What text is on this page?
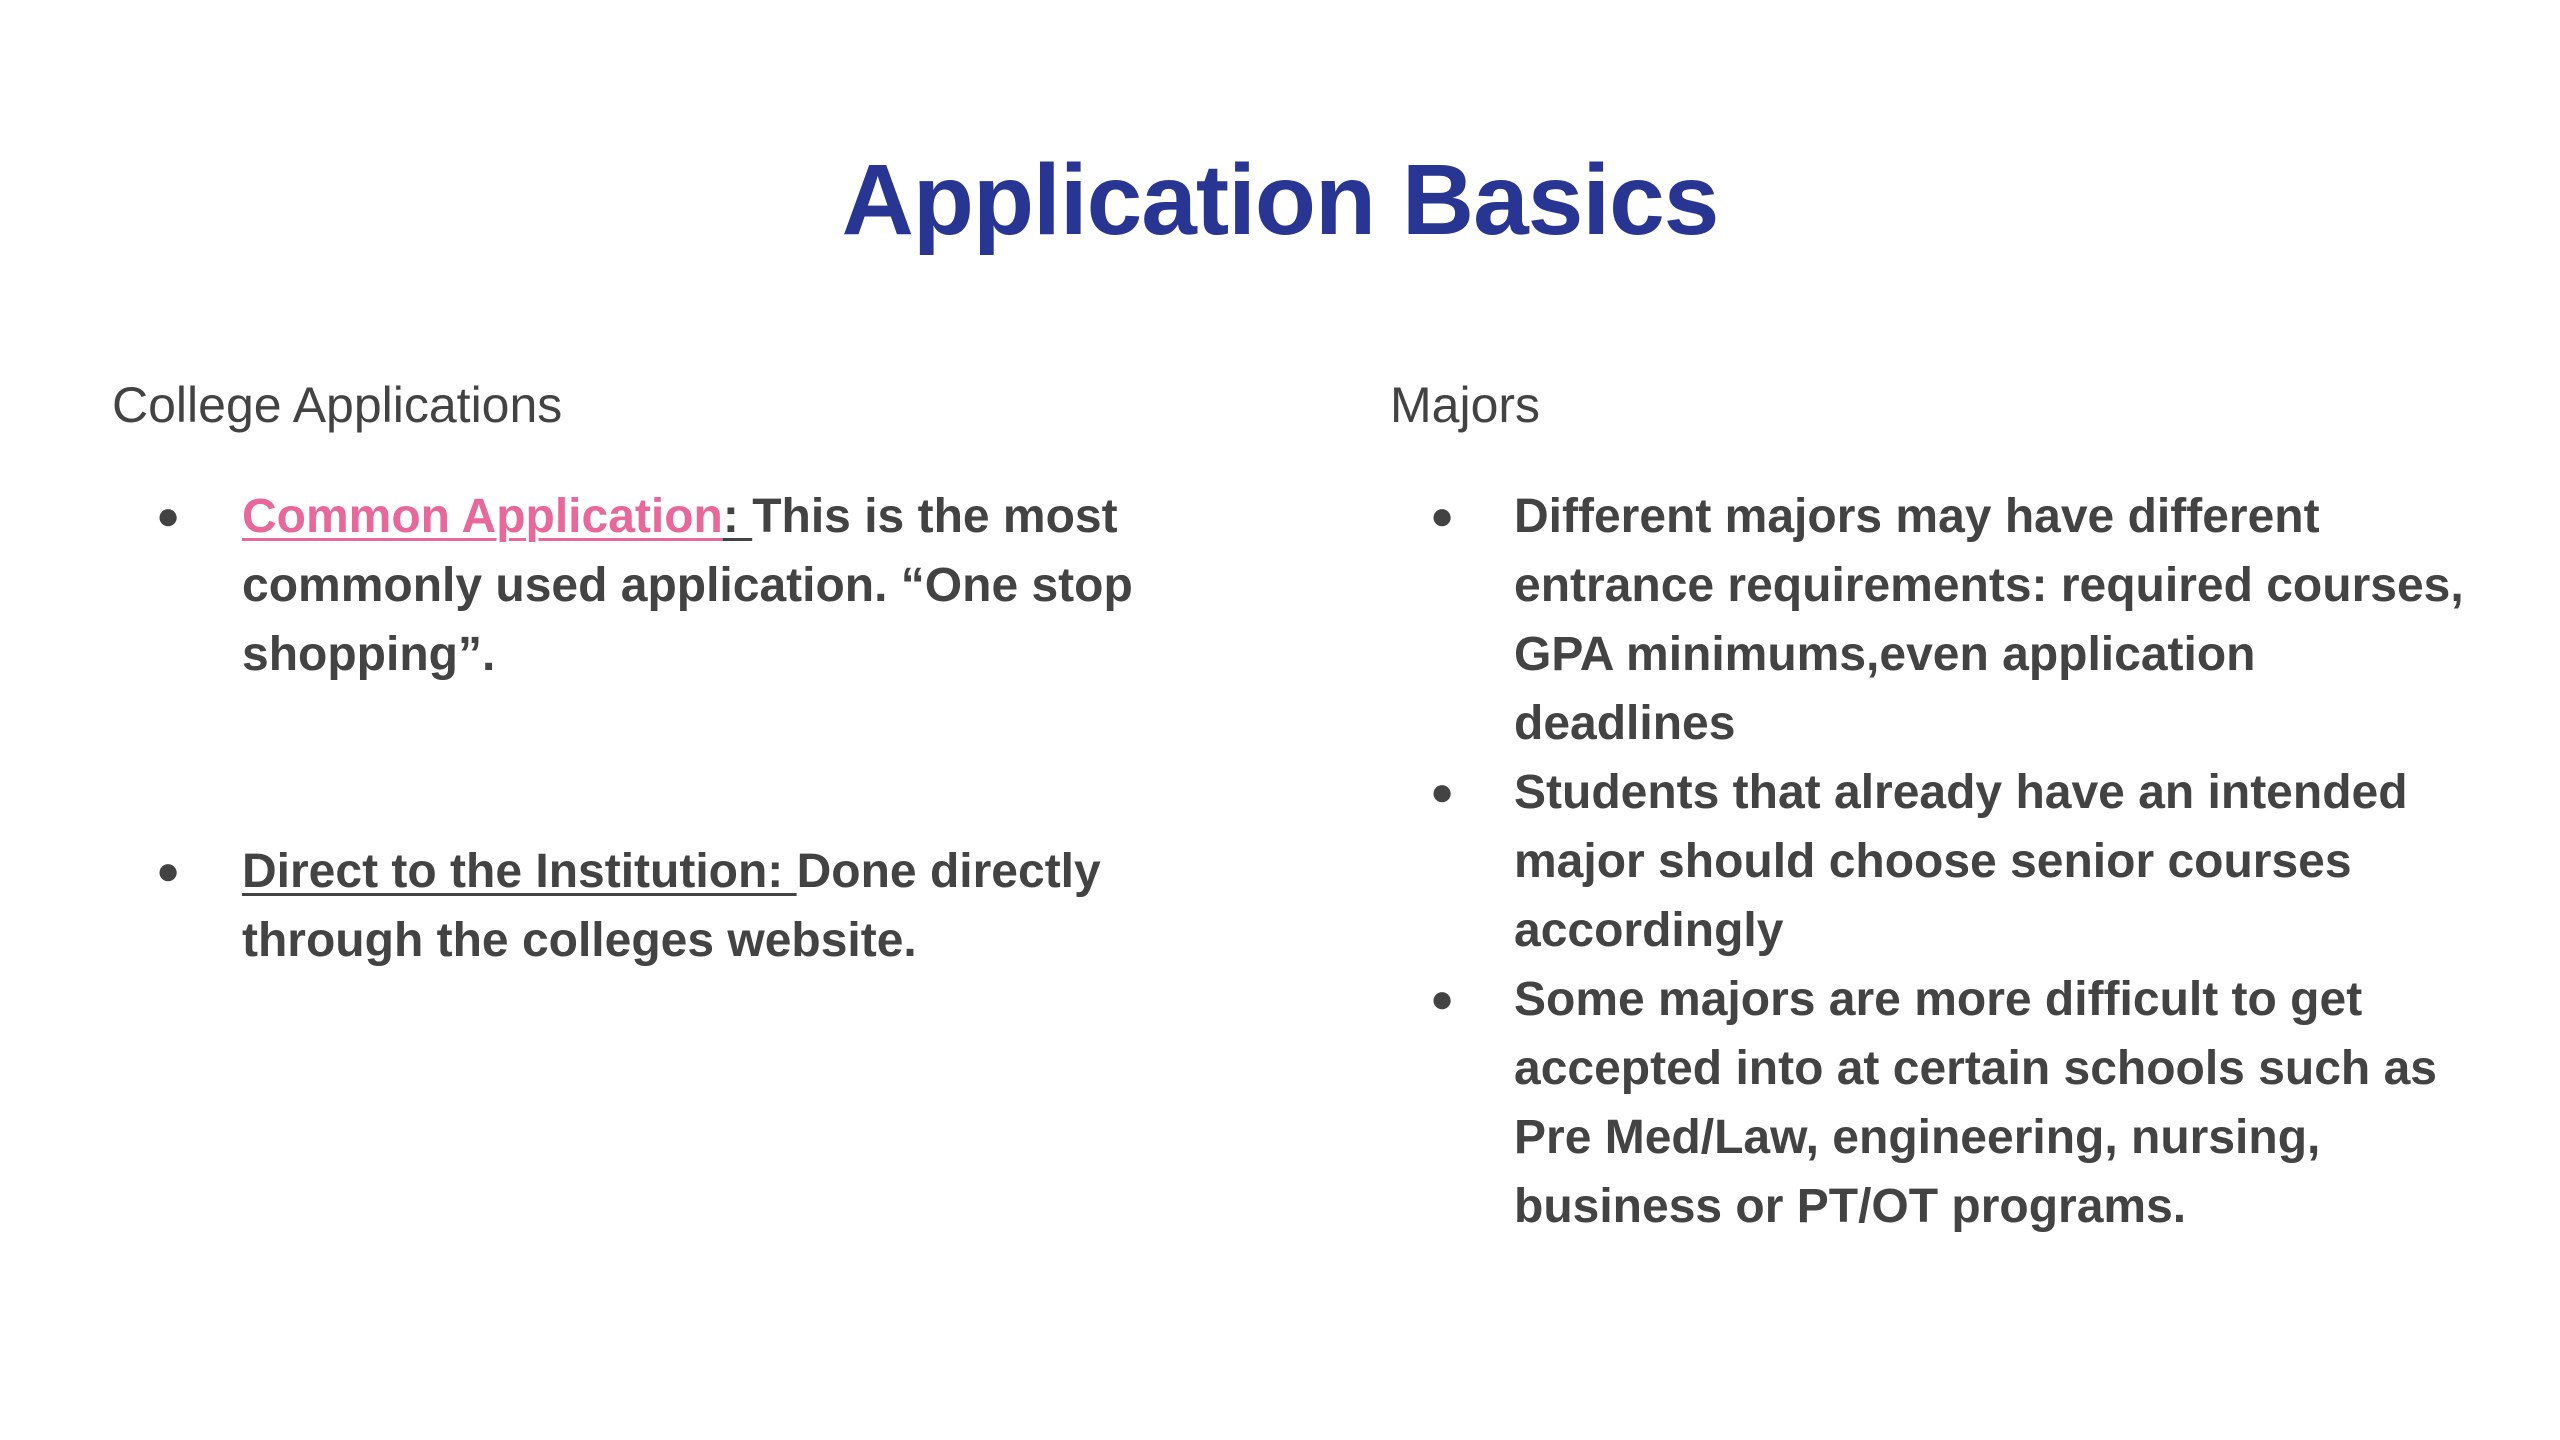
Application Basics

College Applications

● Common Application: This is the most commonly used application. “One stop shopping”.
● Direct to the Institution: Done directly through the colleges website.

Majors

● Different majors may have different entrance requirements: required courses, GPA minimums,even application deadlines
● Students that already have an intended major should choose senior courses accordingly
● Some majors are more difficult to get accepted into at certain schools such as Pre Med/Law, engineering, nursing, business or PT/OT programs.
